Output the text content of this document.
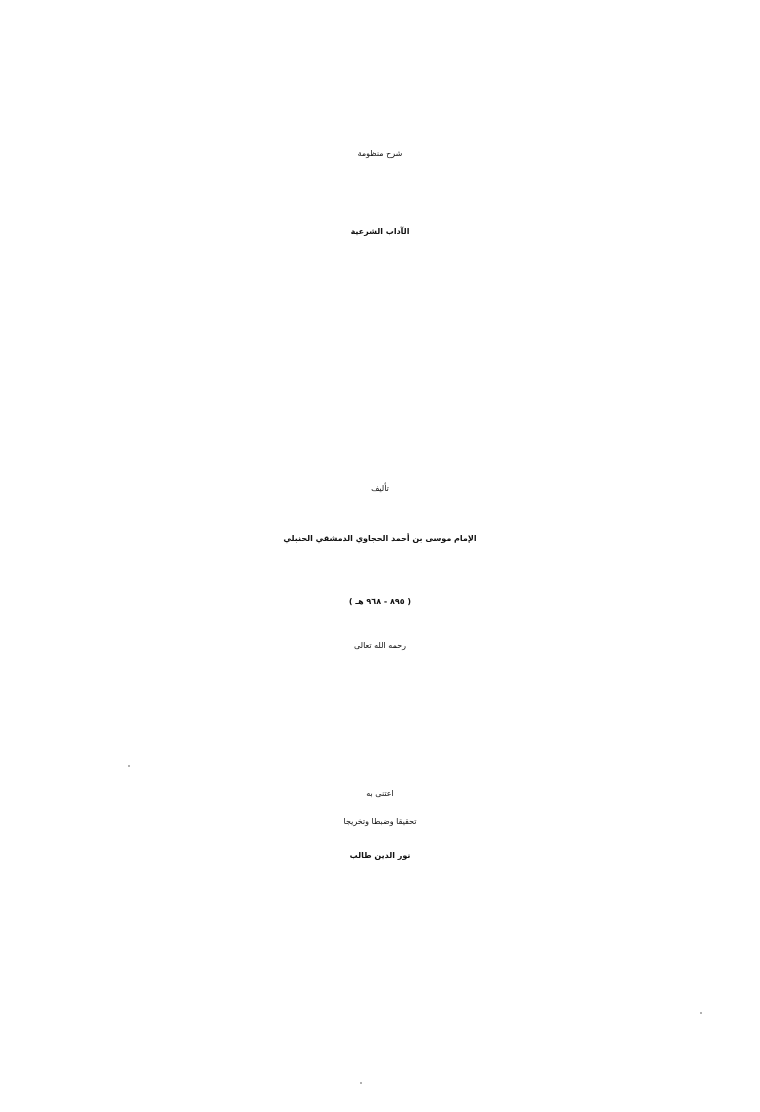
شرح منظومة
الآداب الشرعية
تأليف
الإمام موسى بن أحمد الحجاوي الدمشقي الحنبلي
( ٨٩٥ - ٩٦٨ هـ )
رحمه الله تعالى
اعتنى به
تحقيقا وضبطا وتخريجا
نور الدين طالب
